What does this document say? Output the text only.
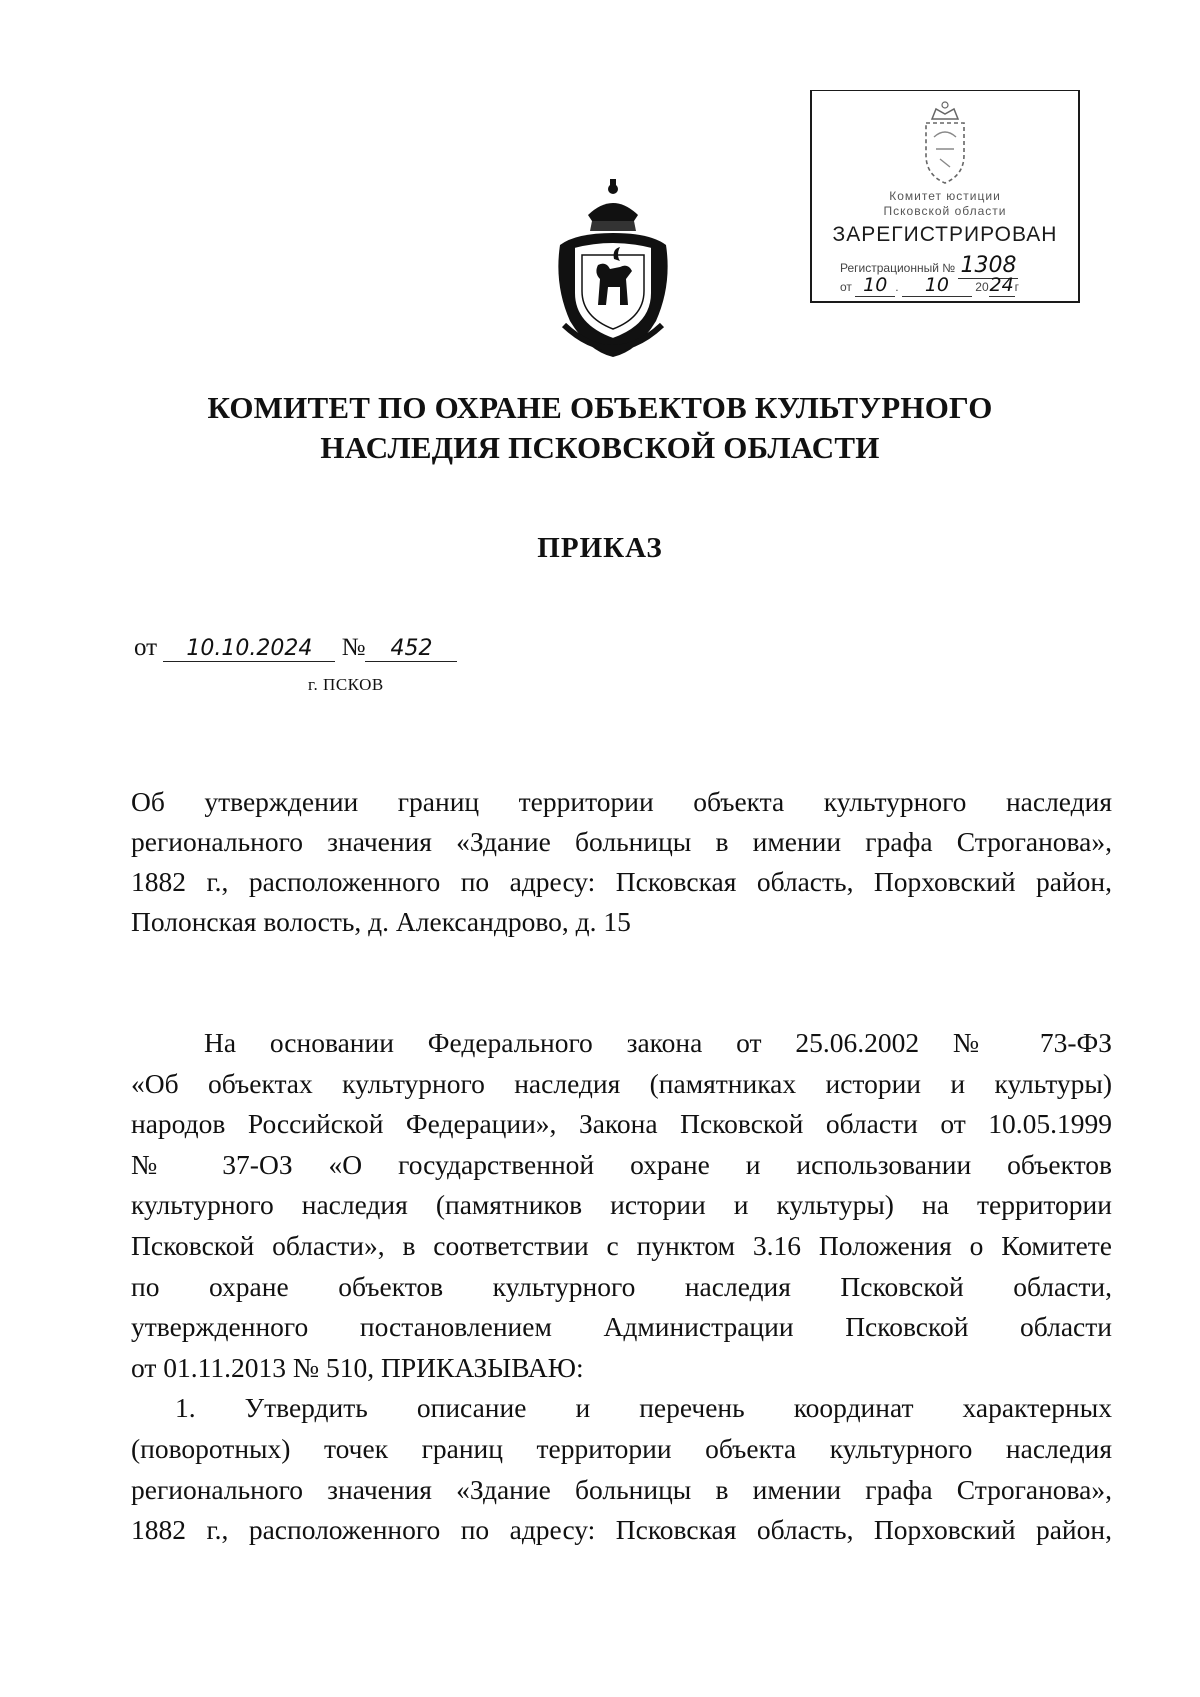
Комитет юстиции
Псковской области
ЗАРЕГИСТРИРОВАН
Регистрационный № 1308
от 10 . 10 2024г
КОМИТЕТ ПО ОХРАНЕ ОБЪЕКТОВ КУЛЬТУРНОГО
НАСЛЕДИЯ ПСКОВСКОЙ ОБЛАСТИ
ПРИКАЗ
от 10.10.2024 № 452
г. ПСКОВ
Об утверждении границ территории объекта культурного наследия
регионального значения «Здание больницы в имении графа Строганова»,
1882 г., расположенного по адресу: Псковская область, Порховский район,
Полонская волость, д. Александрово, д. 15
На основании Федерального закона от 25.06.2002 № 73-ФЗ
«Об объектах культурного наследия (памятниках истории и культуры)
народов Российской Федерации», Закона Псковской области от 10.05.1999
№ 37-ОЗ «О государственной охране и использовании объектов
культурного наследия (памятников истории и культуры) на территории
Псковской области», в соответствии с пунктом 3.16 Положения о Комитете
по охране объектов культурного наследия Псковской области,
утвержденного постановлением Администрации Псковской области
от 01.11.2013 № 510, ПРИКАЗЫВАЮ:
1. Утвердить описание и перечень координат характерных
(поворотных) точек границ территории объекта культурного наследия
регионального значения «Здание больницы в имении графа Строганова»,
1882 г., расположенного по адресу: Псковская область, Порховский район,
